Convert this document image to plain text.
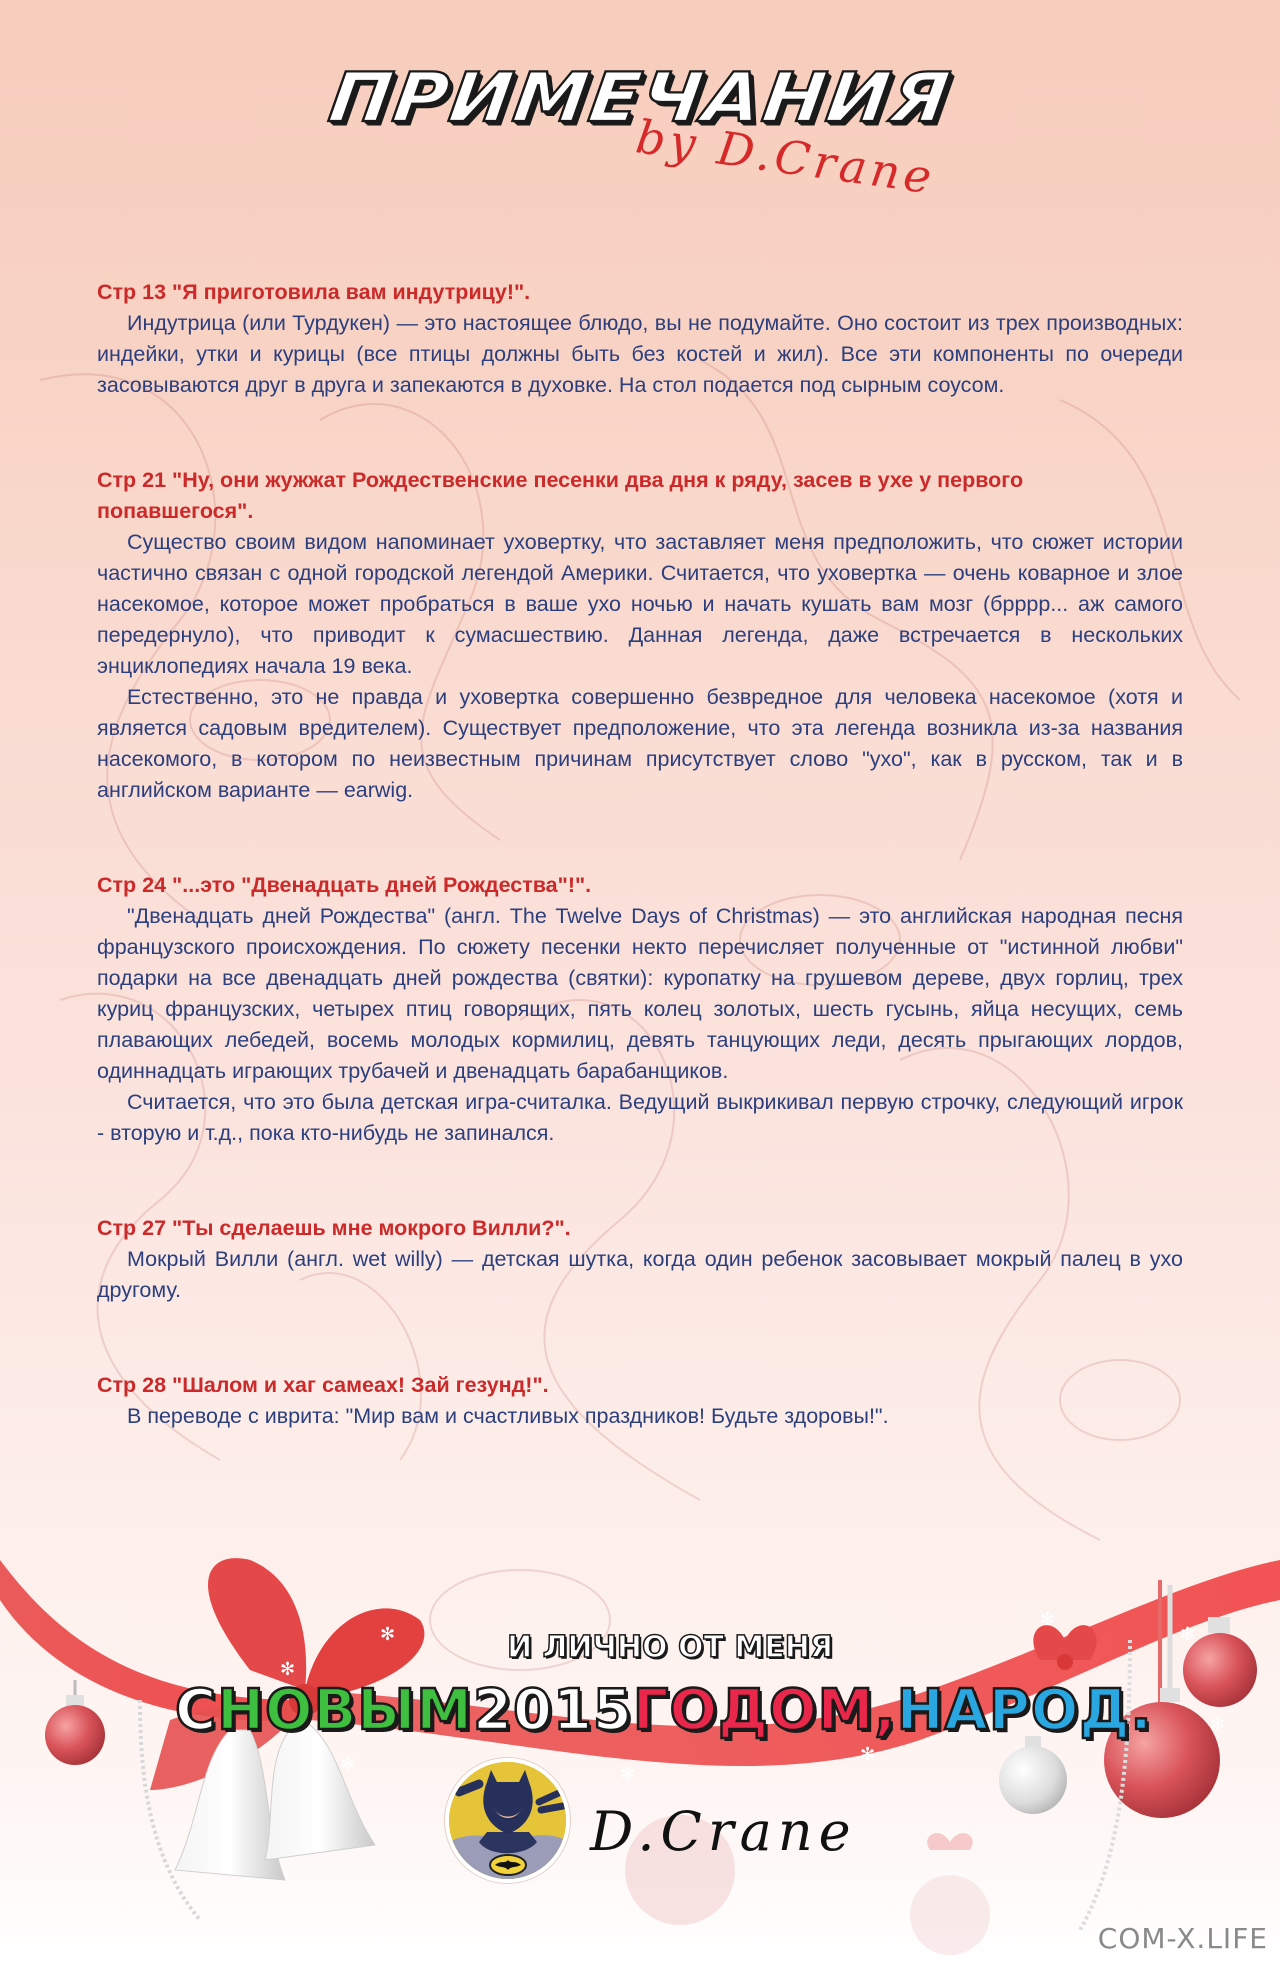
ПРИМЕЧАНИЯ
by D.Crane
Стр 13 "Я приготовила вам индутрицу!".

Индутрица (или Турдукен) — это настоящее блюдо, вы не подумайте. Оно состоит из трех производных: индейки, утки и курицы (все птицы должны быть без костей и жил). Все эти компоненты по очереди засовываются друг в друга и запекаются в духовке. На стол подается под сырным соусом.

Стр 21 "Ну, они жужжат Рождественские песенки два дня к ряду, засев в ухе у первого попавшегося".

Существо своим видом напоминает уховертку, что заставляет меня предположить, что сюжет истории частично связан с одной городской легендой Америки. Считается, что уховертка — очень коварное и злое насекомое, которое может пробраться в ваше ухо ночью и начать кушать вам мозг (брррр... аж самого передернуло), что приводит к сумасшествию. Данная легенда, даже встречается в нескольких энциклопедиях начала 19 века.

Естественно, это не правда и уховертка совершенно безвредное для человека насекомое (хотя и является садовым вредителем). Существует предположение, что эта легенда возникла из-за названия насекомого, в котором по неизвестным причинам присутствует слово "ухо", как в русском, так и в английском варианте — earwig.

Стр 24 "...это "Двенадцать дней Рождества"!".

"Двенадцать дней Рождества" (англ. The Twelve Days of Christmas) — это английская народная песня французского происхождения. По сюжету песенки некто перечисляет полученные от "истинной любви" подарки на все двенадцать дней рождества (святки): куропатку на грушевом дереве, двух горлиц, трех куриц французских, четырех птиц говорящих, пять колец золотых, шесть гусынь, яйца несущих, семь плавающих лебедей, восемь молодых кормилиц, девять танцующих леди, десять прыгающих лордов, одиннадцать играющих трубачей и двенадцать барабанщиков.

Считается, что это была детская игра-считалка. Ведущий выкрикивал первую строчку, следующий игрок - вторую и т.д., пока кто-нибудь не запинался.

Стр 27 "Ты сделаешь мне мокрого Вилли?".

Мокрый Вилли (англ. wet willy) — детская шутка, когда один ребенок засовывает мокрый палец в ухо другому.

Стр 28 "Шалом и хаг самеах! Зай гезунд!".

В переводе с иврита: "Мир вам и счастливых праздников! Будьте здоровы!".

✻
✻
✻
✻
✻
✻
✻
✻
И ЛИЧНО ОТ МЕНЯ
СНОВЫМ2015ГОДОМ,НАРОД.
D.Crane
COM-X.LIFE
